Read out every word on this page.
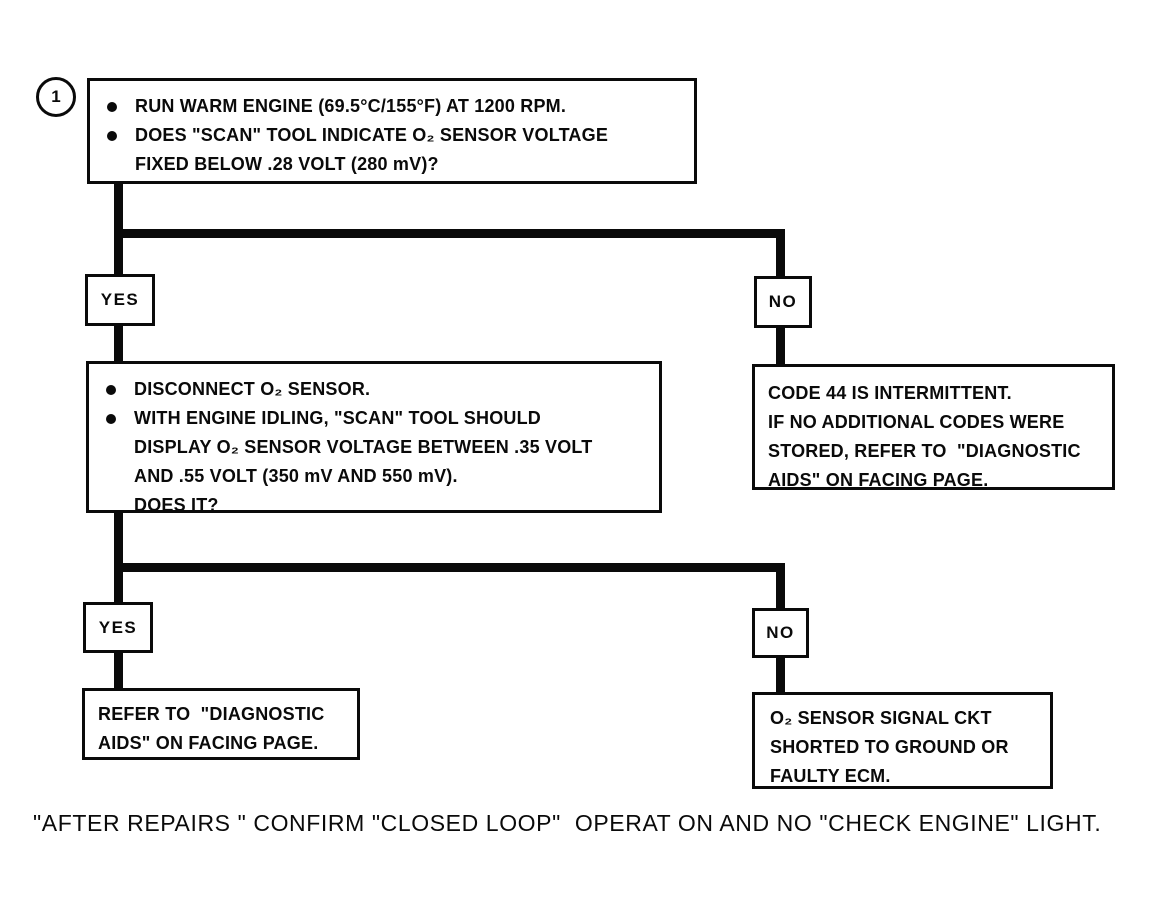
1	RUN WARM ENGINE (69.5°C/155°F) AT 1200 RPM.
DOES "SCAN" TOOL INDICATE O₂ SENSOR VOLTAGE
FIXED BELOW .28 VOLT (280 mV)?
YES	NO
DISCONNECT O₂ SENSOR.
WITH ENGINE IDLING, "SCAN" TOOL SHOULD
DISPLAY O₂ SENSOR VOLTAGE BETWEEN .35 VOLT
AND .55 VOLT (350 mV AND 550 mV).
DOES IT?
CODE 44 IS INTERMITTENT.
IF NO ADDITIONAL CODES WERE
STORED, REFER TO  "DIAGNOSTIC
AIDS" ON FACING PAGE.
YES	NO
REFER TO  "DIAGNOSTIC
AIDS" ON FACING PAGE.
O₂ SENSOR SIGNAL CKT
SHORTED TO GROUND OR
FAULTY ECM.
"AFTER REPAIRS " CONFIRM "CLOSED LOOP"  OPERAT ON AND NO "CHECK ENGINE" LIGHT.
